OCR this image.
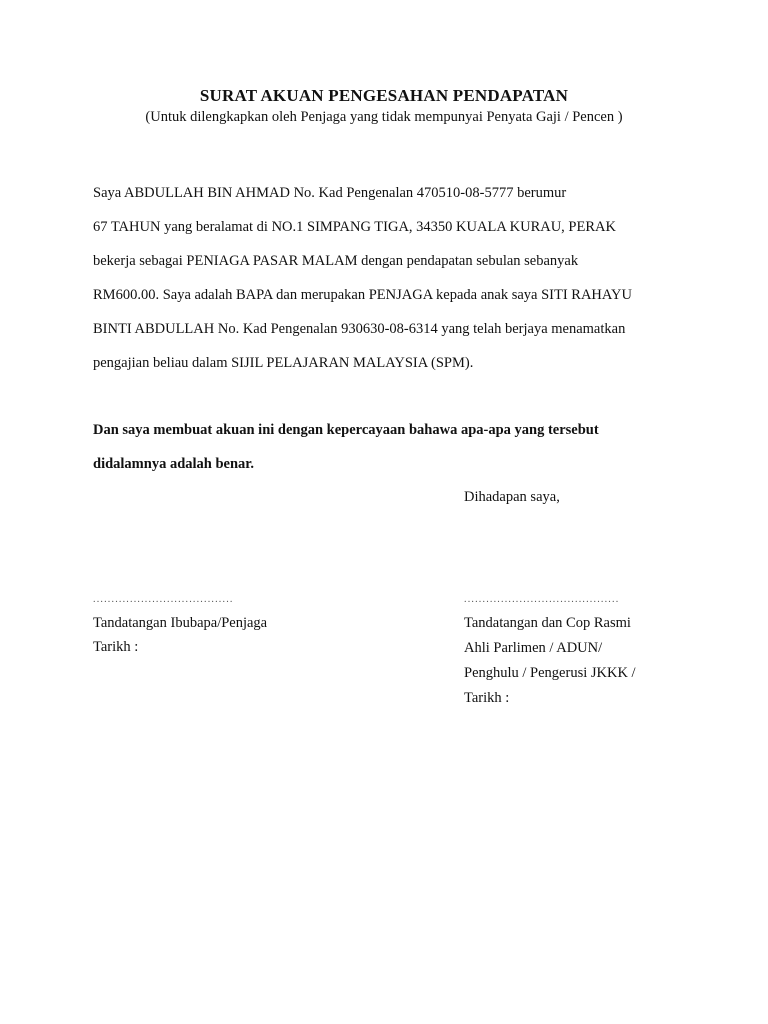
SURAT AKUAN PENGESAHAN PENDAPATAN
(Untuk dilengkapkan oleh Penjaga yang tidak mempunyai Penyata Gaji / Pencen )
Saya ABDULLAH BIN AHMAD No. Kad Pengenalan 470510-08-5777 berumur
67 TAHUN yang beralamat di NO.1 SIMPANG TIGA, 34350 KUALA KURAU, PERAK
bekerja sebagai PENIAGA PASAR MALAM dengan pendapatan sebulan sebanyak
RM600.00. Saya adalah BAPA dan merupakan PENJAGA kepada anak saya SITI RAHAYU
BINTI ABDULLAH No. Kad Pengenalan 930630-08-6314 yang telah berjaya menamatkan
pengajian beliau dalam SIJIL PELAJARAN MALAYSIA (SPM).
Dan saya membuat akuan ini dengan kepercayaan bahawa apa-apa yang tersebut
didalamnya adalah benar.
Dihadapan saya,
......................................	..........................................
Tandatangan Ibubapa/Penjaga
Tarikh :
Tandatangan dan Cop Rasmi
Ahli Parlimen / ADUN/
Penghulu / Pengerusi JKKK /
Tarikh :
